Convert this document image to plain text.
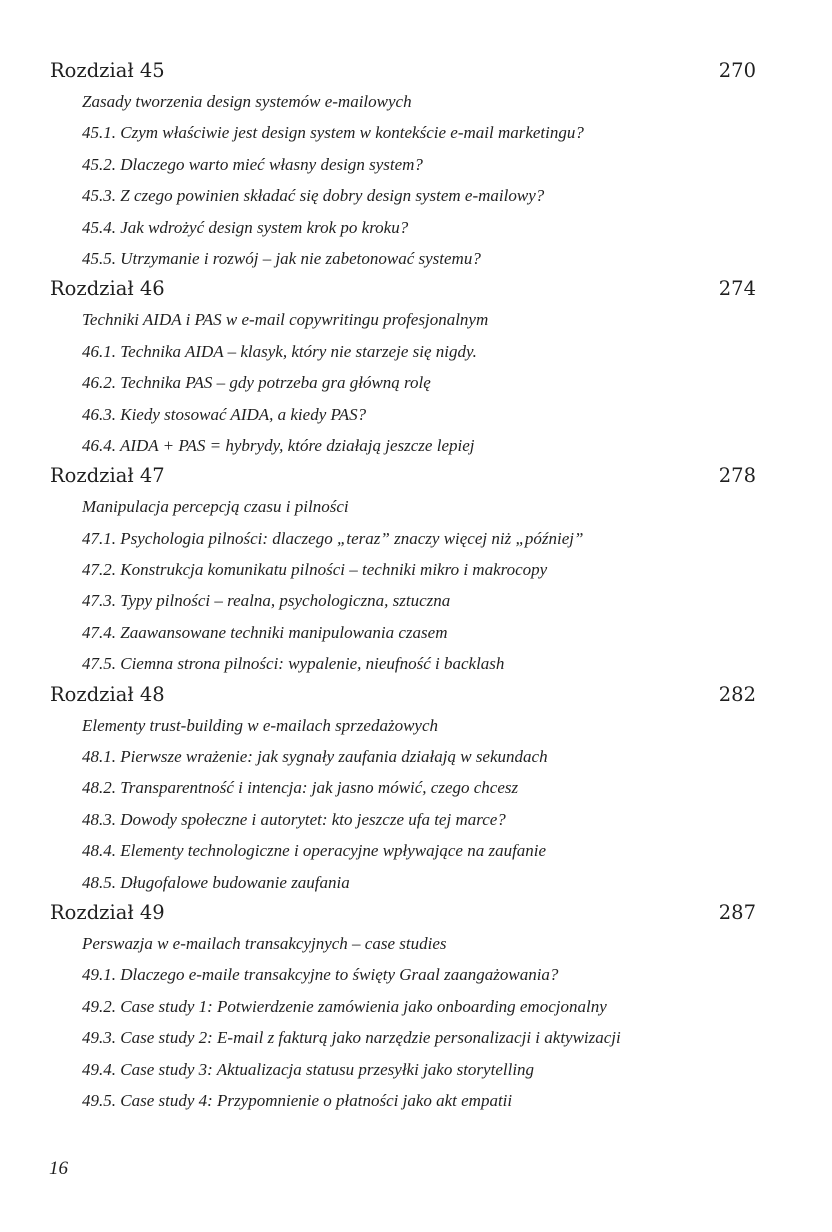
Rozdział 45	270
Zasady tworzenia design systemów e-mailowych
45.1. Czym właściwie jest design system w kontekście e-mail marketingu?
45.2. Dlaczego warto mieć własny design system?
45.3. Z czego powinien składać się dobry design system e-mailowy?
45.4. Jak wdrożyć design system krok po kroku?
45.5. Utrzymanie i rozwój – jak nie zabetonować systemu?
Rozdział 46	274
Techniki AIDA i PAS w e-mail copywritingu profesjonalnym
46.1. Technika AIDA – klasyk, który nie starzeje się nigdy.
46.2. Technika PAS – gdy potrzeba gra główną rolę
46.3. Kiedy stosować AIDA, a kiedy PAS?
46.4. AIDA + PAS = hybrydy, które działają jeszcze lepiej
Rozdział 47	278
Manipulacja percepcją czasu i pilności
47.1. Psychologia pilności: dlaczego „teraz” znaczy więcej niż „później”
47.2. Konstrukcja komunikatu pilności – techniki mikro i makrocopy
47.3. Typy pilności – realna, psychologiczna, sztuczna
47.4. Zaawansowane techniki manipulowania czasem
47.5. Ciemna strona pilności: wypalenie, nieufność i backlash
Rozdział 48	282
Elementy trust-building w e-mailach sprzedażowych
48.1. Pierwsze wrażenie: jak sygnały zaufania działają w sekundach
48.2. Transparentność i intencja: jak jasno mówić, czego chcesz
48.3. Dowody społeczne i autorytet: kto jeszcze ufa tej marce?
48.4. Elementy technologiczne i operacyjne wpływające na zaufanie
48.5. Długofalowe budowanie zaufania
Rozdział 49	287
Perswazja w e-mailach transakcyjnych – case studies
49.1. Dlaczego e-maile transakcyjne to święty Graal zaangażowania?
49.2. Case study 1: Potwierdzenie zamówienia jako onboarding emocjonalny
49.3. Case study 2: E-mail z fakturą jako narzędzie personalizacji i aktywizacji
49.4. Case study 3: Aktualizacja statusu przesyłki jako storytelling
49.5. Case study 4: Przypomnienie o płatności jako akt empatii
16
